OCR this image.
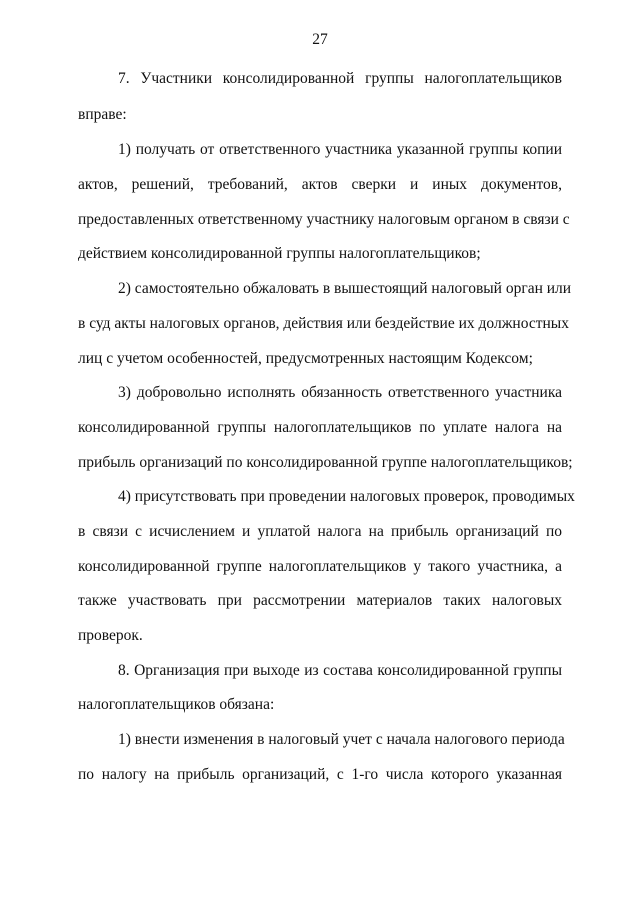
27
7. Участники консолидированной группы налогоплательщиков
вправе:
1) получать от ответственного участника указанной группы копии
актов, решений, требований, актов сверки и иных документов,
предоставленных ответственному участнику налоговым органом в связи с
действием консолидированной группы налогоплательщиков;
2) самостоятельно обжаловать в вышестоящий налоговый орган или
в суд акты налоговых органов, действия или бездействие их должностных
лиц с учетом особенностей, предусмотренных настоящим Кодексом;
3) добровольно исполнять обязанность ответственного участника
консолидированной группы налогоплательщиков по уплате налога на
прибыль организаций по консолидированной группе налогоплательщиков;
4) присутствовать при проведении налоговых проверок, проводимых
в связи с исчислением и уплатой налога на прибыль организаций по
консолидированной группе налогоплательщиков у такого участника, а
также участвовать при рассмотрении материалов таких налоговых
проверок.
8. Организация при выходе из состава консолидированной группы
налогоплательщиков обязана:
1) внести изменения в налоговый учет с начала налогового периода
по налогу на прибыль организаций, с 1-го числа которого указанная
